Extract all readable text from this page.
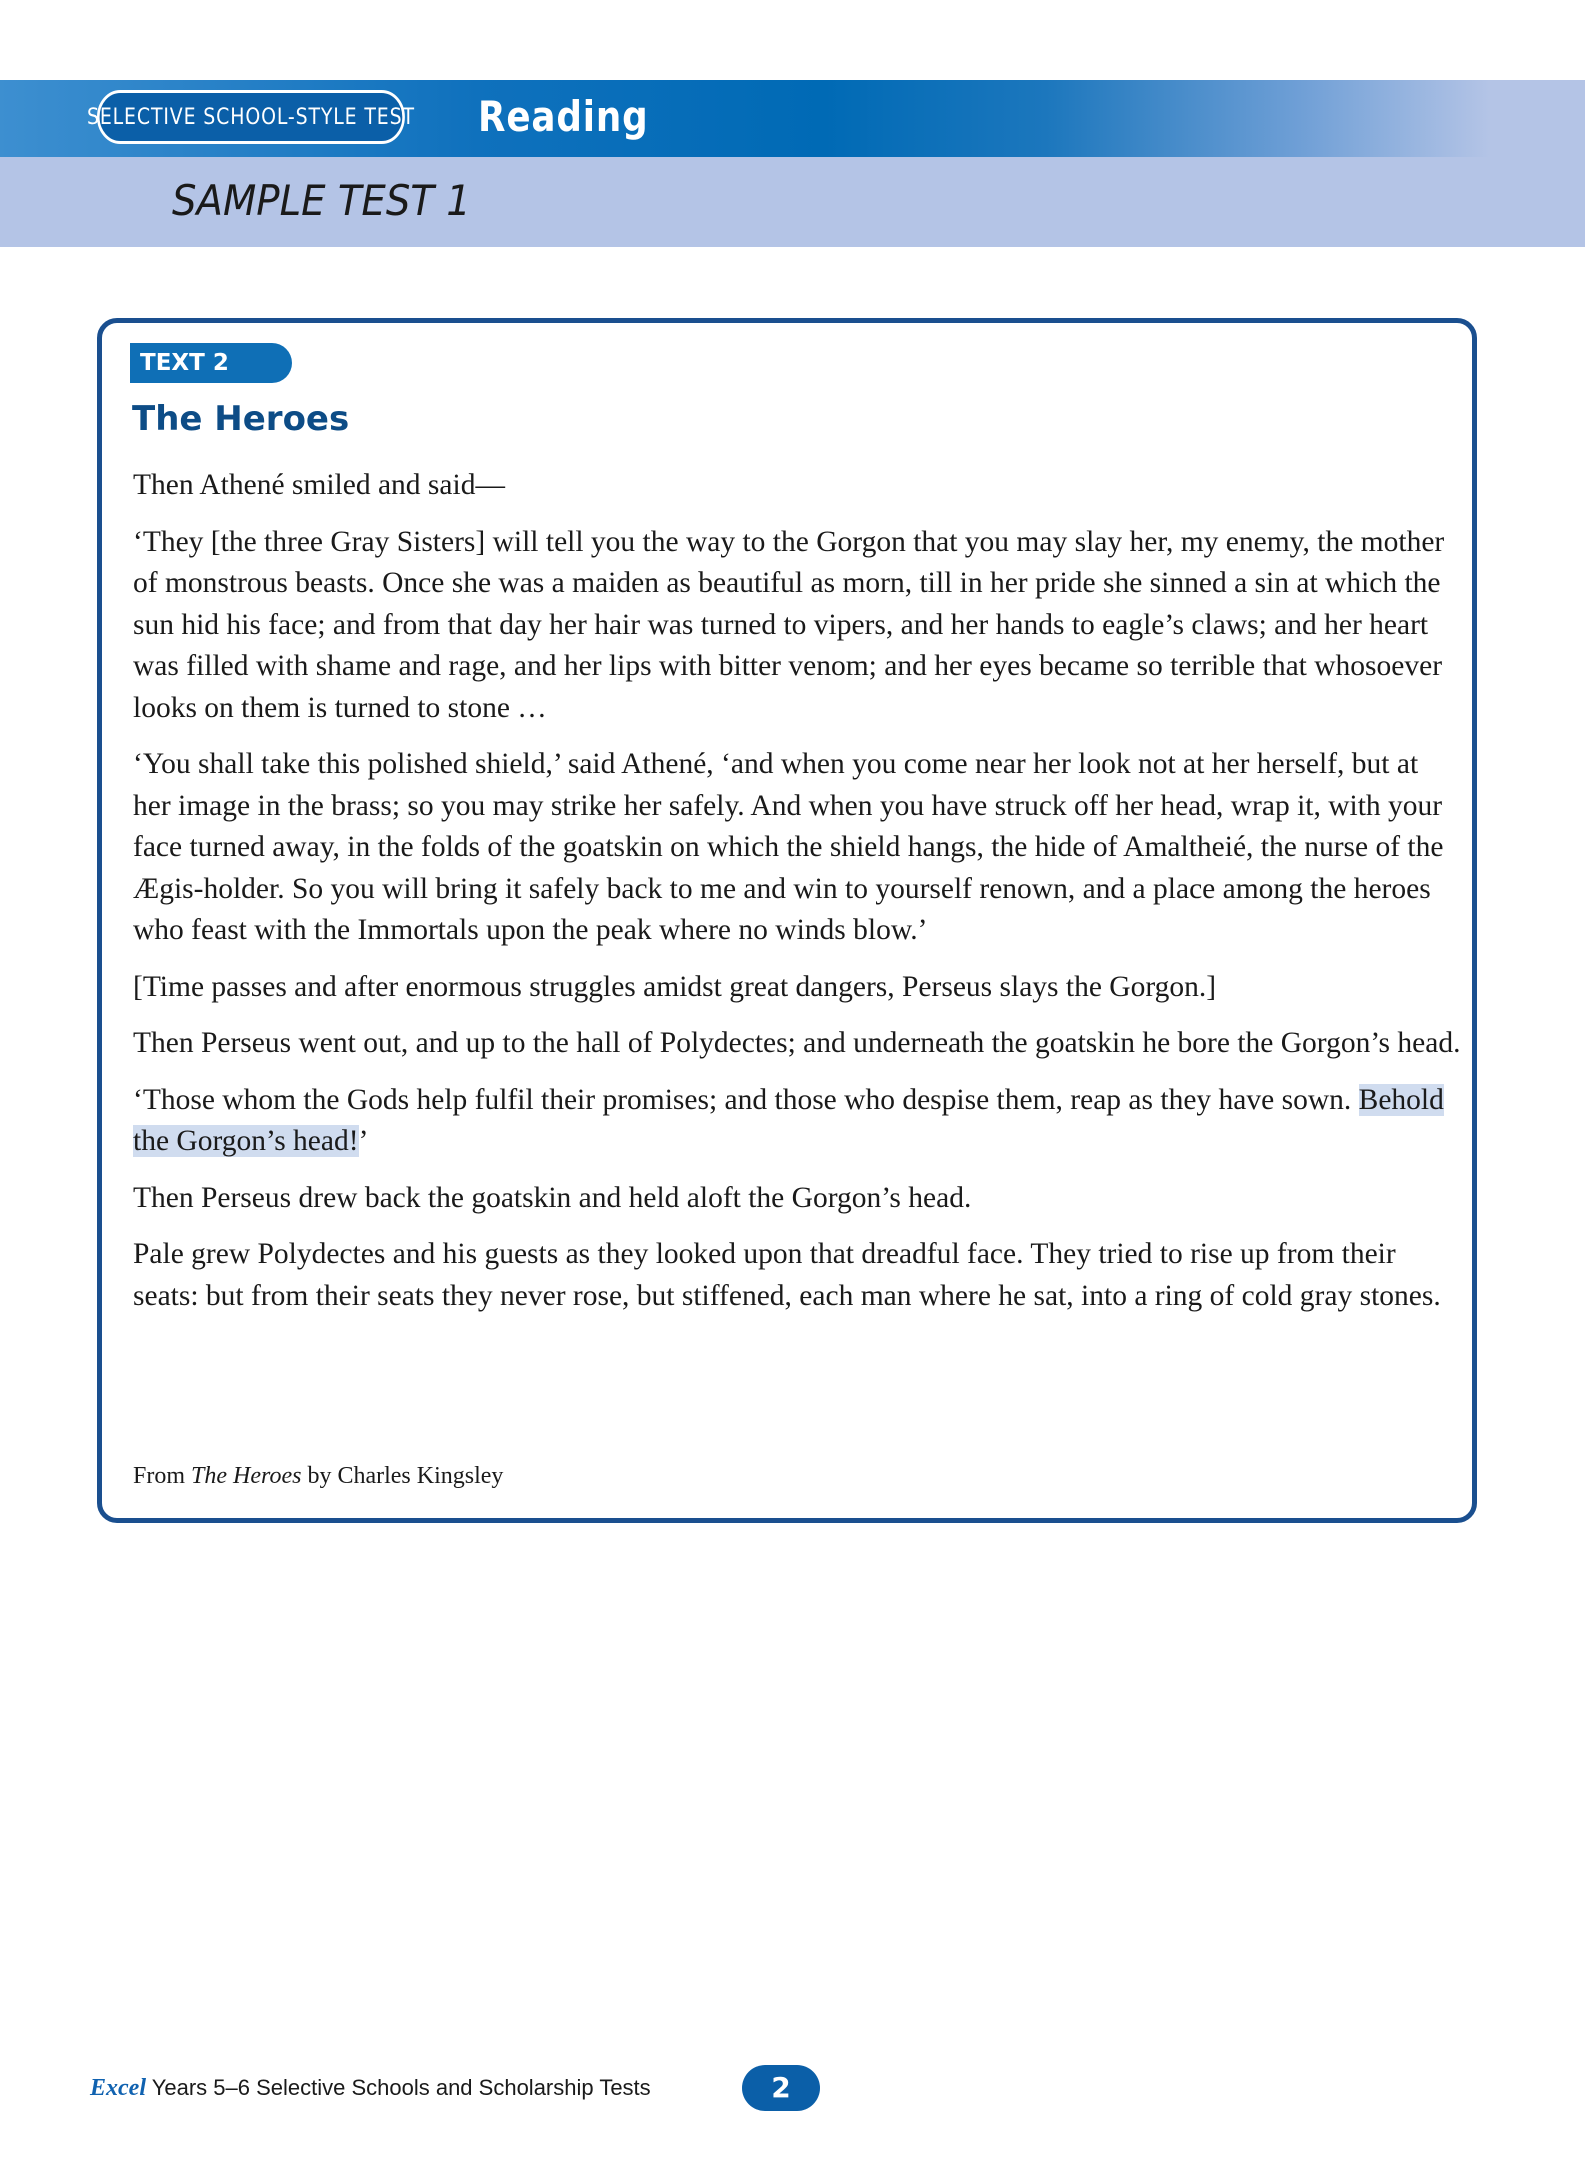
SELECTIVE SCHOOL-STYLE TEST Reading
SAMPLE TEST 1
TEXT 2
The Heroes

Then Athené smiled and said—

‘They [the three Gray Sisters] will tell you the way to the Gorgon that you may slay her, my enemy, the mother of monstrous beasts. Once she was a maiden as beautiful as morn, till in her pride she sinned a sin at which the sun hid his face; and from that day her hair was turned to vipers, and her hands to eagle’s claws; and her heart was filled with shame and rage, and her lips with bitter venom; and her eyes became so terrible that whosoever looks on them is turned to stone …

‘You shall take this polished shield,’ said Athené, ‘and when you come near her look not at her herself, but at her image in the brass; so you may strike her safely. And when you have struck off her head, wrap it, with your face turned away, in the folds of the goatskin on which the shield hangs, the hide of Amaltheié, the nurse of the Ægis-holder. So you will bring it safely back to me and win to yourself renown, and a place among the heroes who feast with the Immortals upon the peak where no winds blow.’

[Time passes and after enormous struggles amidst great dangers, Perseus slays the Gorgon.]

Then Perseus went out, and up to the hall of Polydectes; and underneath the goatskin he bore the Gorgon’s head.

‘Those whom the Gods help fulfil their promises; and those who despise them, reap as they have sown. Behold the Gorgon’s head!’

Then Perseus drew back the goatskin and held aloft the Gorgon’s head.

Pale grew Polydectes and his guests as they looked upon that dreadful face. They tried to rise up from their seats: but from their seats they never rose, but stiffened, each man where he sat, into a ring of cold gray stones.

From The Heroes by Charles Kingsley
Excel Years 5–6 Selective Schools and Scholarship Tests	2
